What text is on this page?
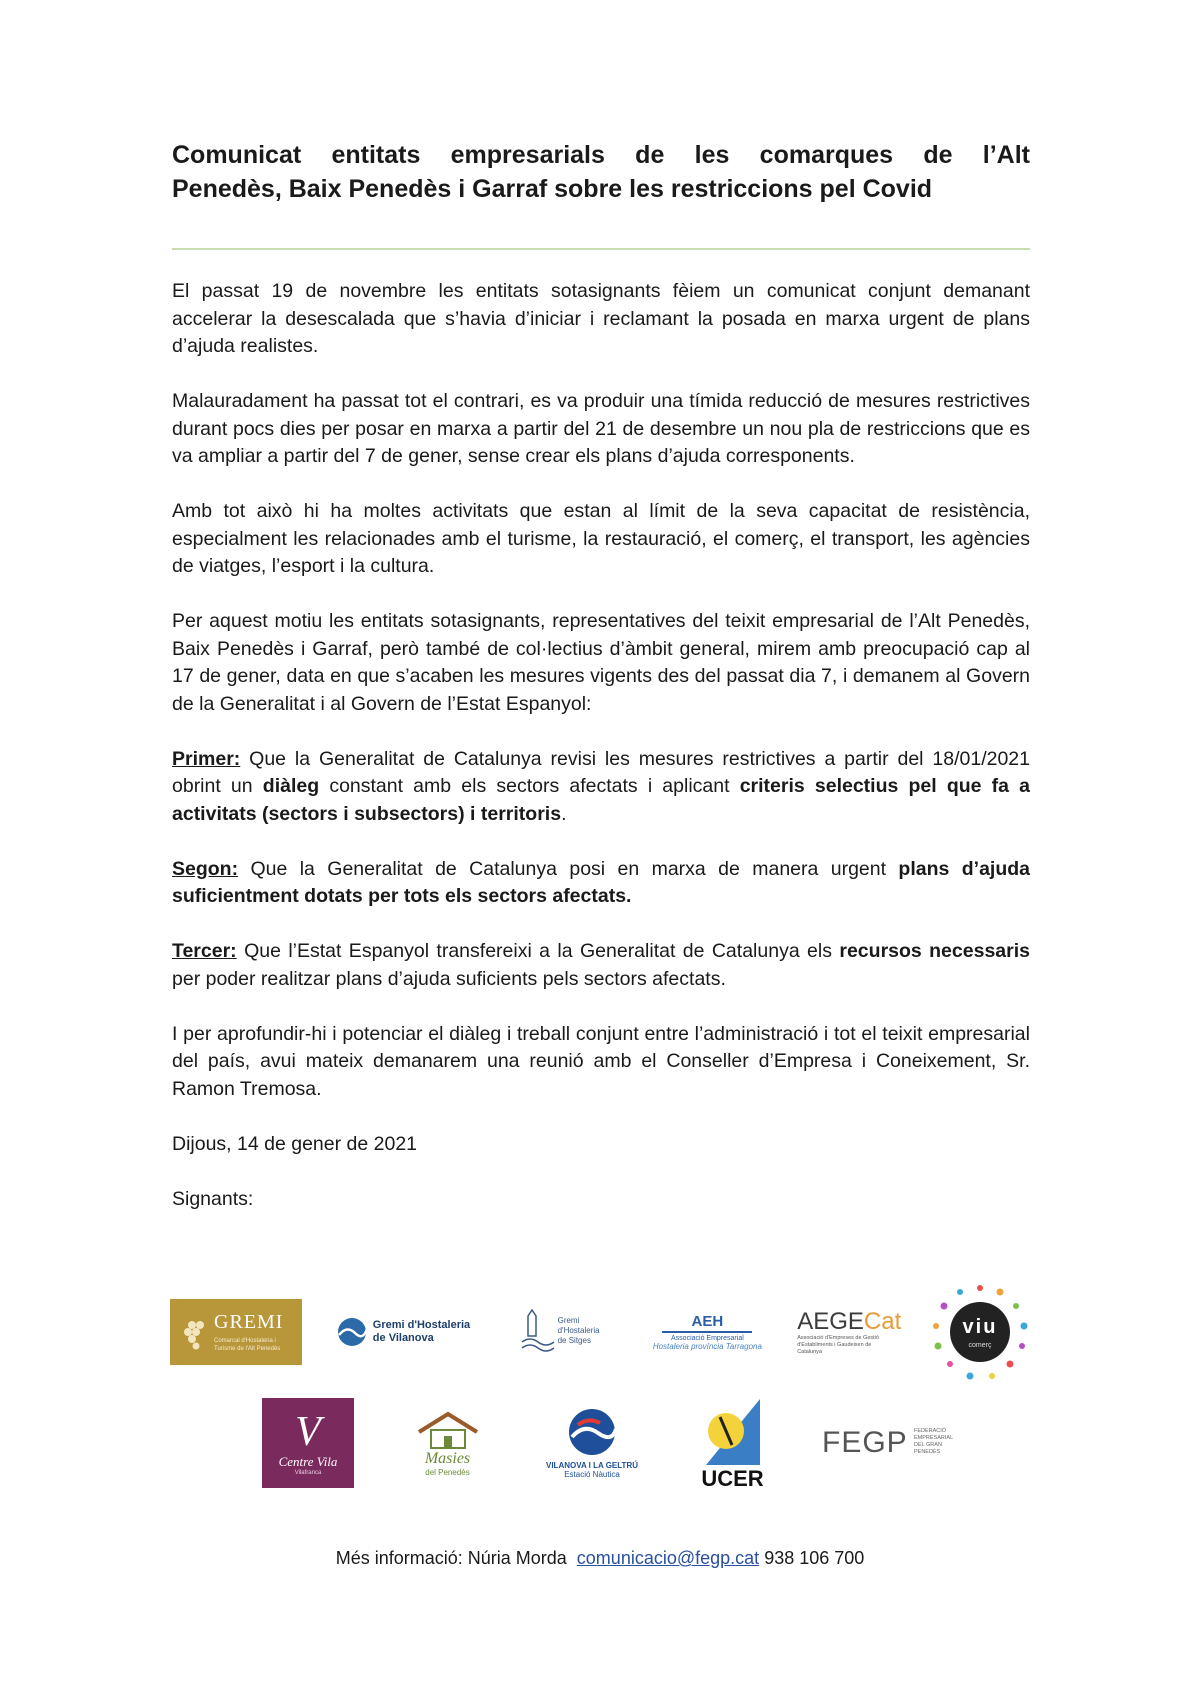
Comunicat entitats empresarials de les comarques de l’Alt
Penedès, Baix Penedès i Garraf sobre les restriccions pel Covid

El passat 19 de novembre les entitats sotasignants fèiem un comunicat conjunt demanant accelerar la desescalada que s’havia d’iniciar i reclamant la posada en marxa urgent de plans d’ajuda realistes.

Malauradament ha passat tot el contrari, es va produir una tímida reducció de mesures restrictives durant pocs dies per posar en marxa a partir del 21 de desembre un nou pla de restriccions que es va ampliar a partir del 7 de gener, sense crear els plans d’ajuda corresponents.

Amb tot això hi ha moltes activitats que estan al límit de la seva capacitat de resistència, especialment les relacionades amb el turisme, la restauració, el comerç, el transport, les agències de viatges, l’esport i la cultura.

Per aquest motiu les entitats sotasignants, representatives del teixit empresarial de l’Alt Penedès, Baix Penedès i Garraf, però també de col·lectius d’àmbit general, mirem amb preocupació cap al 17 de gener, data en que s’acaben les mesures vigents des del passat dia 7, i demanem al Govern de la Generalitat i al Govern de l’Estat Espanyol:

Primer: Que la Generalitat de Catalunya revisi les mesures restrictives a partir del 18/01/2021 obrint un diàleg constant amb els sectors afectats i aplicant criteris selectius pel que fa a activitats (sectors i subsectors) i territoris.

Segon: Que la Generalitat de Catalunya posi en marxa de manera urgent plans d’ajuda suficientment dotats per tots els sectors afectats.

Tercer: Que l’Estat Espanyol transfereixi a la Generalitat de Catalunya els recursos necessaris per poder realitzar plans d’ajuda suficients pels sectors afectats.

I per aprofundir-hi i potenciar el diàleg i treball conjunt entre l’administració i tot el teixit empresarial del país, avui mateix demanarem una reunió amb el Conseller d’Empresa i Coneixement, Sr. Ramon Tremosa.

Dijous, 14 de gener de 2021

Signants:

GREMI
Comarcal d'Hostaleria i Turisme de l'Alt Penedès
Gremi d'Hostaleria
de Vilanova
Gremi
d'Hostaleria
de Sitges
AEH
Associació Empresarial
Hostaleria província Tarragona
AEGECat
Associació d'Empreses de Gestió d'Establiments i Gaudeixen de Catalunya
viu
comerç
V
Centre Vila
Vilafranca
Masies
del Penedès
VILANOVA I LA GELTRÚ
Estació Nàutica	UCER
FEGP FEDERACIÓ EMPRESARIAL DEL GRAN PENEDÈS
Més informació: Núria Morda comunicacio@fegp.cat 938 106 700
